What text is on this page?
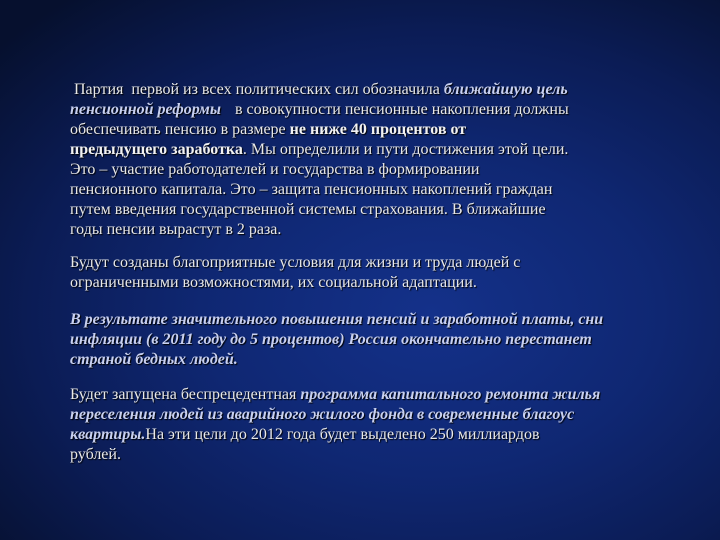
Партия  первой из всех политических сил обозначила ближайшую цель
пенсионной реформы в совокупности пенсионные накопления должны
обеспечивать пенсию в размере не ниже 40 процентов от
предыдущего заработка. Мы определили и пути достижения этой цели.
Это – участие работодателей и государства в формировании
пенсионного капитала. Это – защита пенсионных накоплений граждан
путем введения государственной системы страхования. В ближайшие
годы пенсии вырастут в 2 раза.
Будут созданы благоприятные условия для жизни и труда людей с
ограниченными возможностями, их социальной адаптации.
В результате значительного повышения пенсий и заработной платы, сни
инфляции (в 2011 году до 5 процентов) Россия окончательно перестанет
страной бедных людей.
Будет запущена беспрецедентная программа капитального ремонта жилья
переселения людей из аварийного жилого фонда в современные благоус
квартиры.На эти цели до 2012 года будет выделено 250 миллиардов
рублей.
